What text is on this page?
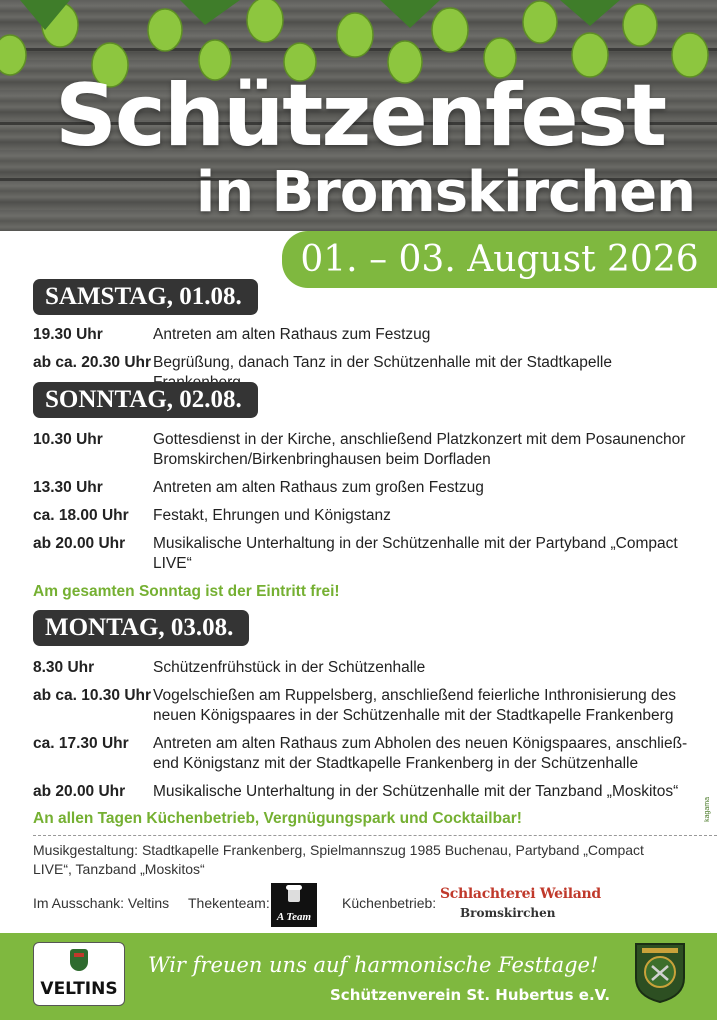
Schützenfest
in Bromskirchen
01. – 03. August 2026
SAMSTAG, 01.08.
19.30 Uhr	Antreten am alten Rathaus zum Festzug
ab ca. 20.30 Uhr Begrüßung, danach Tanz in der Schützenhalle mit der Stadtkapelle
SONNTAG, 02.08.
10.30 Uhr	Gottesdienst in der Kirche, anschließend Platzkonzert mit dem Posaunenchor Bromskirchen/Birkenbringhausen beim Dorfladen
13.30 Uhr	Antreten am alten Rathaus zum großen Festzug
ca. 18.00 Uhr Festakt, Ehrungen und Königstanz
ab 20.00 Uhr Musikalische Unterhaltung in der Schützenhalle mit der Partyband „Compact LIVE“
Am gesamten Sonntag ist der Eintritt frei!
MONTAG, 03.08.
8.30 Uhr	Schützenfrühstück in der Schützenhalle
ab ca. 10.30 Uhr Vogelschießen am Ruppelsberg, anschließend feierliche Inthronisierung des neuen Königspaares in der Schützenhalle mit der Stadtkapelle Frankenberg
ca. 17.30 Uhr Antreten am alten Rathaus zum Abholen des neuen Königspaares, anschließ-end Königstanz mit der Stadtkapelle Frankenberg in der Schützenhalle
ab 20.00 Uhr Musikalische Unterhaltung in der Schützenhalle mit der Tanzband „Moskitos“
An allen Tagen Küchenbetrieb, Vergnügungspark und Cocktailbar!	kagama
Musikgestaltung: Stadtkapelle Frankenberg, Spielmannszug 1985 Buchenau, Partyband „Compact LIVE“, Tanzband „Moskitos“
Im Ausschank: Veltins Thekenteam:
A Team
Küchenbetrieb:
Schlachterei Weiland
Bromskirchen
VELTINS
Wir freuen uns auf harmonische Festtage!
Schützenverein St. Hubertus e.V.
